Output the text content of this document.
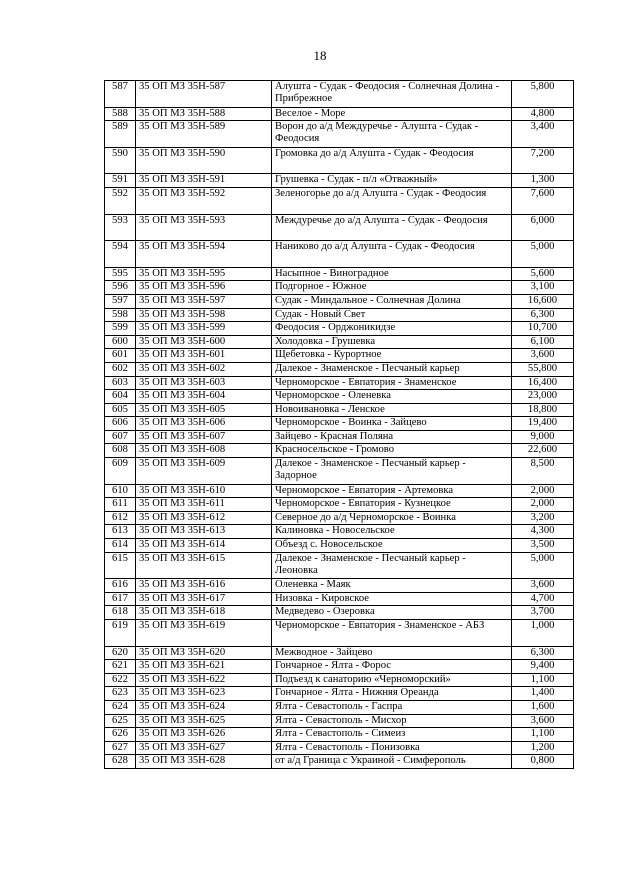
18
587	35 ОП МЗ 35Н-587	Алушта - Судак - Феодосия - Солнечная Долина - Прибрежное	5,800
588	35 ОП МЗ 35Н-588	Веселое - Море	4,800
589	35 ОП МЗ 35Н-589	Ворон до а/д Междуречье - Алушта - Судак - Феодосия	3,400
590	35 ОП МЗ 35Н-590	Громовка до а/д Алушта - Судак - Феодосия	7,200
591	35 ОП МЗ 35Н-591	Грушевка - Судак - п/л «Отважный»	1,300
592	35 ОП МЗ 35Н-592	Зеленогорье до а/д Алушта - Судак - Феодосия	7,600
593	35 ОП МЗ 35Н-593	Междуречье до а/д Алушта - Судак - Феодосия	6,000
594	35 ОП МЗ 35Н-594	Наниково до а/д Алушта - Судак - Феодосия	5,000
595	35 ОП МЗ 35Н-595	Насыпное - Виноградное	5,600
596	35 ОП МЗ 35Н-596	Подгорное - Южное	3,100
597	35 ОП МЗ 35Н-597	Судак - Миндальное - Солнечная Долина	16,600
598	35 ОП МЗ 35Н-598	Судак - Новый Свет	6,300
599	35 ОП МЗ 35Н-599	Феодосия - Орджоникидзе	10,700
600	35 ОП МЗ 35Н-600	Холодовка - Грушевка	6,100
601	35 ОП МЗ 35Н-601	Щебетовка - Курортное	3,600
602	35 ОП МЗ 35Н-602	Далекое - Знаменское - Песчаный карьер	55,800
603	35 ОП МЗ 35Н-603	Черноморское - Евпатория - Знаменское	16,400
604	35 ОП МЗ 35Н-604	Черноморское - Оленевка	23,000
605	35 ОП МЗ 35Н-605	Новоивановка - Ленское	18,800
606	35 ОП МЗ 35Н-606	Черноморское - Воинка - Зайцево	19,400
607	35 ОП МЗ 35Н-607	Зайцево - Красная Поляна	9,000
608	35 ОП МЗ 35Н-608	Красносельское - Громово	22,600
609	35 ОП МЗ 35Н-609	Далекое - Знаменское - Песчаный карьер - Задорное	8,500
610	35 ОП МЗ 35Н-610	Черноморское - Евпатория - Артемовка	2,000
611	35 ОП МЗ 35Н-611	Черноморское - Евпатория - Кузнецкое	2,000
612	35 ОП МЗ 35Н-612	Северное до а/д Черноморское - Воинка	3,200
613	35 ОП МЗ 35Н-613	Калиновка - Новосельское	4,300
614	35 ОП МЗ 35Н-614	Объезд с. Новосельское	3,500
615	35 ОП МЗ 35Н-615	Далекое - Знаменское - Песчаный карьер - Леоновка	5,000
616	35 ОП МЗ 35Н-616	Оленевка - Маяк	3,600
617	35 ОП МЗ 35Н-617	Низовка - Кировское	4,700
618	35 ОП МЗ 35Н-618	Медведево - Озеровка	3,700
619	35 ОП МЗ 35Н-619	Черноморское - Евпатория - Знаменское - АБЗ	1,000
620	35 ОП МЗ 35Н-620	Межводное - Зайцево	6,300
621	35 ОП МЗ 35Н-621	Гончарное - Ялта - Форос	9,400
622	35 ОП МЗ 35Н-622	Подъезд к санаторию «Черноморский»	1,100
623	35 ОП МЗ 35Н-623	Гончарное - Ялта - Нижняя Ореанда	1,400
624	35 ОП МЗ 35Н-624	Ялта - Севастополь - Гаспра	1,600
625	35 ОП МЗ 35Н-625	Ялта - Севастополь - Мисхор	3,600
626	35 ОП МЗ 35Н-626	Ялта - Севастополь - Симеиз	1,100
627	35 ОП МЗ 35Н-627	Ялта - Севастополь - Понизовка	1,200
628	35 ОП МЗ 35Н-628	от а/д Граница с Украиной - Симферополь	0,800
